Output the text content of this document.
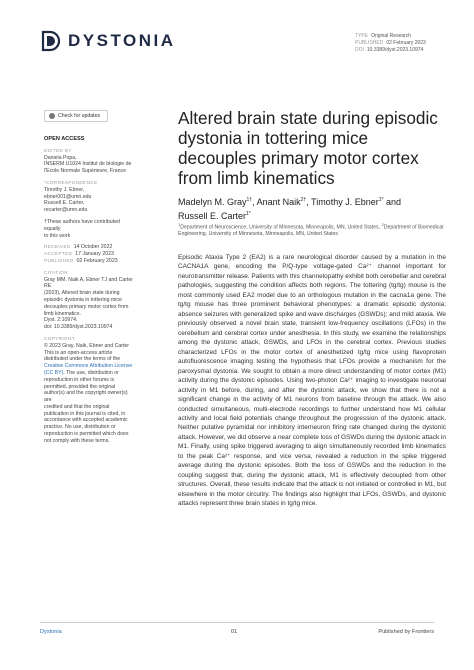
DYSTONIA	TYPE Original Research
PUBLISHED 02 February 2023
DOI 10.3389/dyst.2023.10974
Check for updates
OPEN ACCESS
EDITED BY
Daniela Popa,
INSERM U1024 Institut de biologie de
l'Ecole Normale Supérieure, France
*CORRESPONDENCE
Timothy J. Ebner,
ebner001@umn.edu
Russell E. Carter,
recarter@umn.edu
†These authors have contributed equally
to this work
RECEIVED 14 October 2022
ACCEPTED 17 January 2023
PUBLISHED 02 February 2023
CITATION
Gray MM, Naik A, Ebner TJ and Carter RE
(2023), Altered brain state during
episodic dystonia in tottering mice
decouples primary motor cortex from
limb kinematics.
Dyst. 2:10974.
doi: 10.3389/dyst.2023.10974
COPYRIGHT
© 2023 Gray, Naik, Ebner and Carter
This is an open-access article
distributed under the terms of the
Creative Commons Attribution License
(CC BY). The use, distribution or
reproduction in other forums is
permitted, provided the original
author(s) and the copyright owner(s) are
credited and that the original
publication in this journal is cited, in
accordance with accepted academic
practice. No use, distribution or
reproduction is permitted which does
not comply with these terms.
Altered brain state during episodic dystonia in tottering mice decouples primary motor cortex from limb kinematics
Madelyn M. Gray$^{1\dagger}$, Anant Naik$^{2\dagger}$, Timothy J. Ebner$^{1*}$ and
Russell E. Carter$^{1*}$
$^1$Department of Neuroscience, University of Minnesota, Minneapolis, MN, United States, $^2$Department of Biomedical Engineering, University of Minnesota, Minneapolis, MN, United States
Episodic Ataxia Type 2 (EA2) is a rare neurological disorder caused by a mutation in the CACNA1A gene, encoding the P/Q-type voltage-gated Ca²⁺ channel important for neurotransmitter release. Patients with this channelopathy exhibit both cerebellar and cerebral pathologies, suggesting the condition affects both regions. The tottering (tg/tg) mouse is the most commonly used EA2 model due to an orthologous mutation in the cacna1a gene. The tg/tg mouse has three prominent behavioral phenotypes: a dramatic episodic dystonia; absence seizures with generalized spike and wave discharges (GSWDs); and mild ataxia. We previously observed a novel brain state, transient low-frequency oscillations (LFOs) in the cerebellum and cerebral cortex under anesthesia. In this study, we examine the relationships among the dystonic attack, GSWDs, and LFOs in the cerebral cortex. Previous studies characterized LFOs in the motor cortex of anesthetized tg/tg mice using flavoprotein autofluorescence imaging testing the hypothesis that LFOs provide a mechanism for the paroxysmal dystonia. We sought to obtain a more direct understanding of motor cortex (M1) activity during the dystonic episodes. Using two-photon Ca²⁺ imaging to investigate neuronal activity in M1 before, during, and after the dystonic attack, we show that there is not a significant change in the activity of M1 neurons from baseline through the attack. We also conducted simultaneous, multi-electrode recordings to further understand how M1 cellular activity and local field potentials change throughout the progression of the dystonic attack. Neither putative pyramidal nor inhibitory interneuron firing rate changed during the dystonic attack. However, we did observe a near complete loss of GSWDs during the dystonic attack in M1. Finally, using spike triggered averaging to align simultaneously recorded limb kinematics to the peak Ca²⁺ response, and vice versa, revealed a reduction in the spike triggered average during the dystonic episodes. Both the loss of GSWDs and the reduction in the coupling suggest that, during the dystonic attack, M1 is effectively decoupled from other structures. Overall, these results indicate that the attack is not initiated or controlled in M1, but elsewhere in the motor circuitry. The findings also highlight that LFOs, GSWDs, and dystonic attacks represent three brain states in tg/tg mice.
Dystonia	01	Published by Frontiers
